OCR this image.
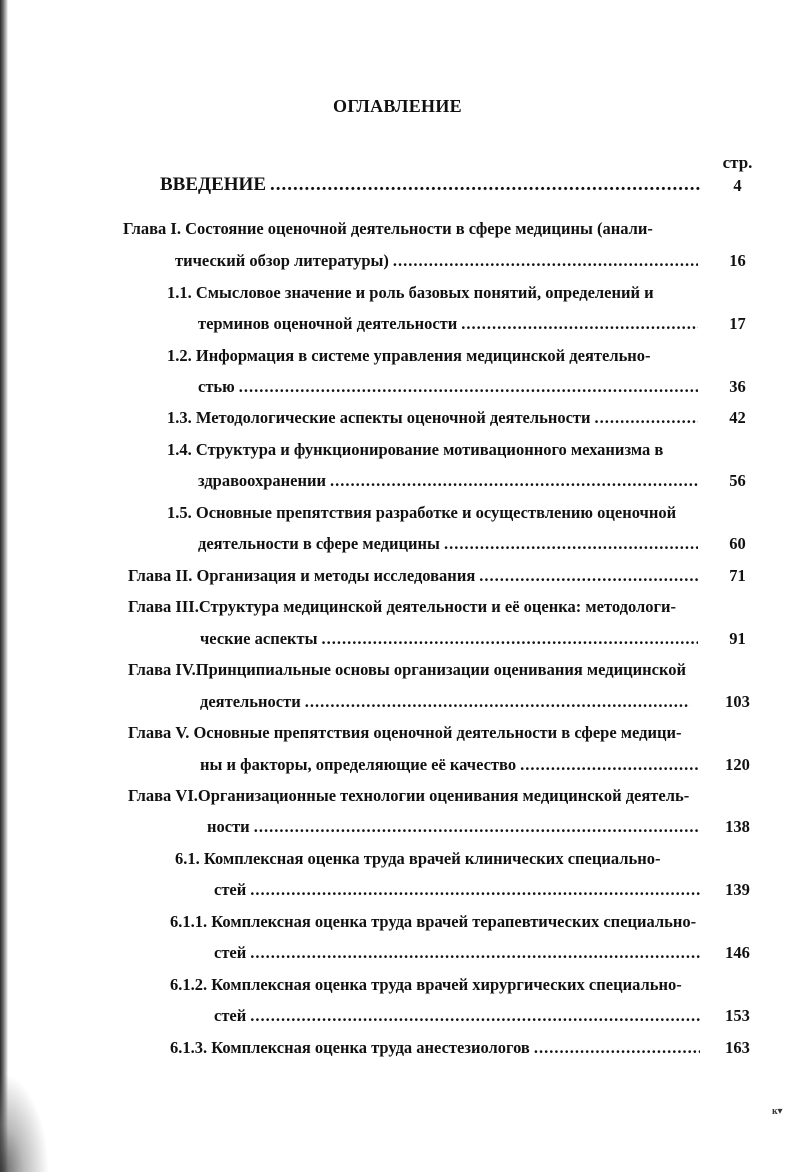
ОГЛАВЛЕНИЕ
стр.
ВВЕДЕНИЕ .....	4
Глава I. Состояние оценочной деятельности в сфере медицины (анали-
тический обзор литературы) .....	16
1.1. Смысловое значение и роль базовых понятий, определений и
терминов оценочной деятельности .....	17
1.2. Информация в системе управления медицинской деятельно-
стью .....	36
1.3. Методологические аспекты оценочной деятельности .....	42
1.4. Структура и функционирование мотивационного механизма в
здравоохранении .....	56
1.5. Основные препятствия разработке и осуществлению оценочной
деятельности в сфере медицины .....	60
Глава II. Организация и методы исследования .....	71
Глава III.Структура медицинской деятельности и её оценка: методологи-
ческие аспекты .....	91
Глава IV.Принципиальные основы организации оценивания медицинской
деятельности .....	103
Глава V. Основные препятствия оценочной деятельности в сфере медици-
ны и факторы, определяющие её качество .....	120
Глава VI.Организационные технологии оценивания медицинской деятель-
ности .....	138
6.1. Комплексная оценка труда врачей клинических специально-
стей .....	139
6.1.1. Комплексная оценка труда врачей терапевтических специально-
стей .....	146
6.1.2. Комплексная оценка труда врачей хирургических специально-
стей .....	153
6.1.3. Комплексная оценка труда анестезиологов .....	163
ĸ▾
